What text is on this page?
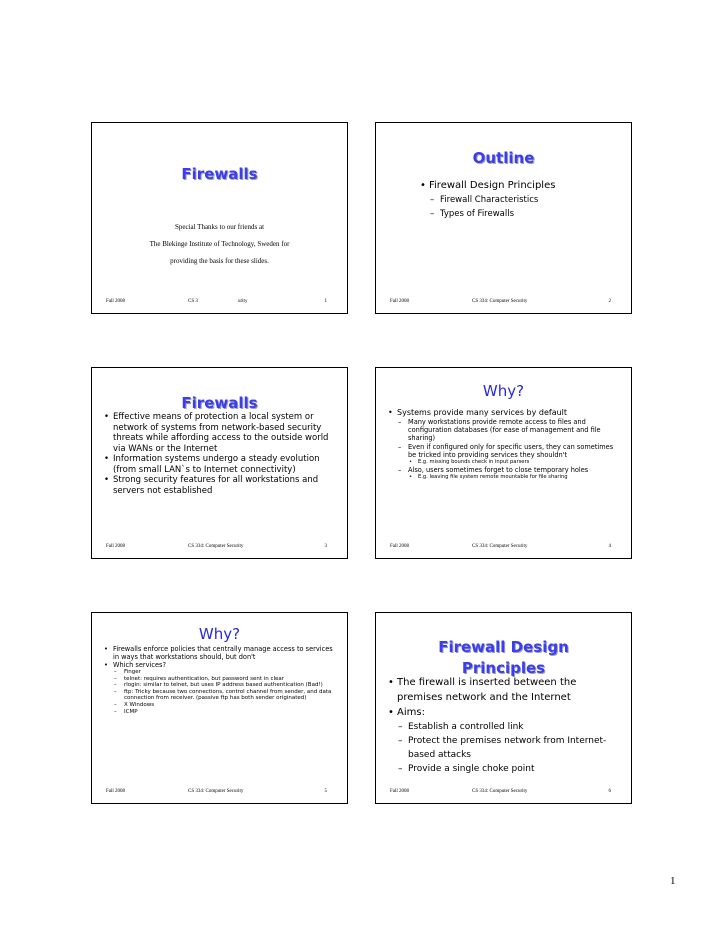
Firewalls
Special Thanks to our friends at
The Blekinge Institute of Technology, Sweden for
providing the basis for these slides.
Fall 2008	CS 3	urity	1
Outline
• Firewall Design Principles
– Firewall Characteristics
– Types of Firewalls
Fall 2008	CS 334: Computer Security	2
Firewalls
• Effective means of protection a local system or network of systems from network-based security threats while affording access to the outside world via WANs or the Internet
• Information systems undergo a steady evolution (from small LAN`s to Internet connectivity)
• Strong security features for all workstations and servers not established
Fall 2008	CS 334: Computer Security	3
Why?
• Systems provide many services by default
– Many workstations provide remote access to files and configuration databases (for ease of management and file sharing)
– Even if configured only for specific users, they can sometimes be tricked into providing services they shouldn't
• E.g. missing bounds check in input parsers
– Also, users sometimes forget to close temporary holes
• E.g. leaving file system remote mountable for file sharing
Fall 2008	CS 334: Computer Security	4
Why?
• Firewalls enforce policies that centrally manage access to services in ways that workstations should, but don't
• Which services?
– Finger
– telnet: requires authentication, but password sent in clear
– rlogin: similar to telnet, but uses IP address based authentication (Bad!)
– ftp: Tricky because two connections, control channel from sender, and data connection from receiver. (passive ftp has both sender originated)
– X Windows
– ICMP
Fall 2008	CS 334: Computer Security	5
Firewall Design
Principles
• The firewall is inserted between the premises network and the Internet
• Aims:
– Establish a controlled link
– Protect the premises network from Internet-based attacks
– Provide a single choke point
Fall 2008	CS 334: Computer Security	6
1
